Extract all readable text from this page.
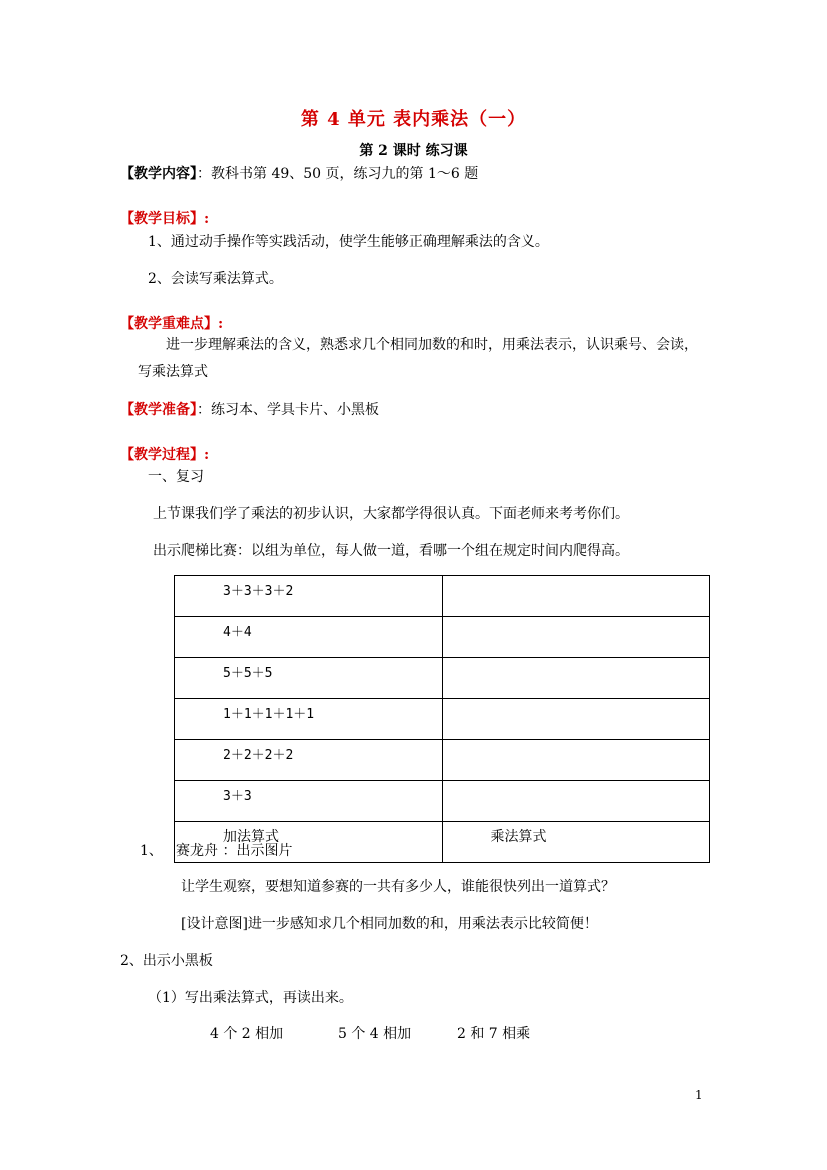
第 4 单元 表内乘法（一）
第 2 课时 练习课
【教学内容】：教科书第 49、50 页，练习九的第 1～6 题
【教学目标】:
1、通过动手操作等实践活动，使学生能够正确理解乘法的含义。
2、会读写乘法算式。
【教学重难点】:
进一步理解乘法的含义，熟悉求几个相同加数的和时，用乘法表示，认识乘号、会读，
写乘法算式
【教学准备】：练习本、学具卡片、小黑板
【教学过程】:
一、复习
上节课我们学了乘法的初步认识，大家都学得很认真。下面老师来考考你们。
出示爬梯比赛：以组为单位，每人做一道，看哪一个组在规定时间内爬得高。
3＋3＋3＋2	
4＋4	
5＋5＋5	
1＋1＋1＋1＋1	
2＋2＋2＋2	
3＋3	
加法算式	乘法算式
1、 赛龙舟 ：出示图片
让学生观察，要想知道参赛的一共有多少人，谁能很快列出一道算式？
[设计意图]进一步感知求几个相同加数的和，用乘法表示比较简便！
2、出示小黑板
（1）写出乘法算式，再读出来。
4 个 2 相加	5 个 4 相加	2 和 7 相乘
1
